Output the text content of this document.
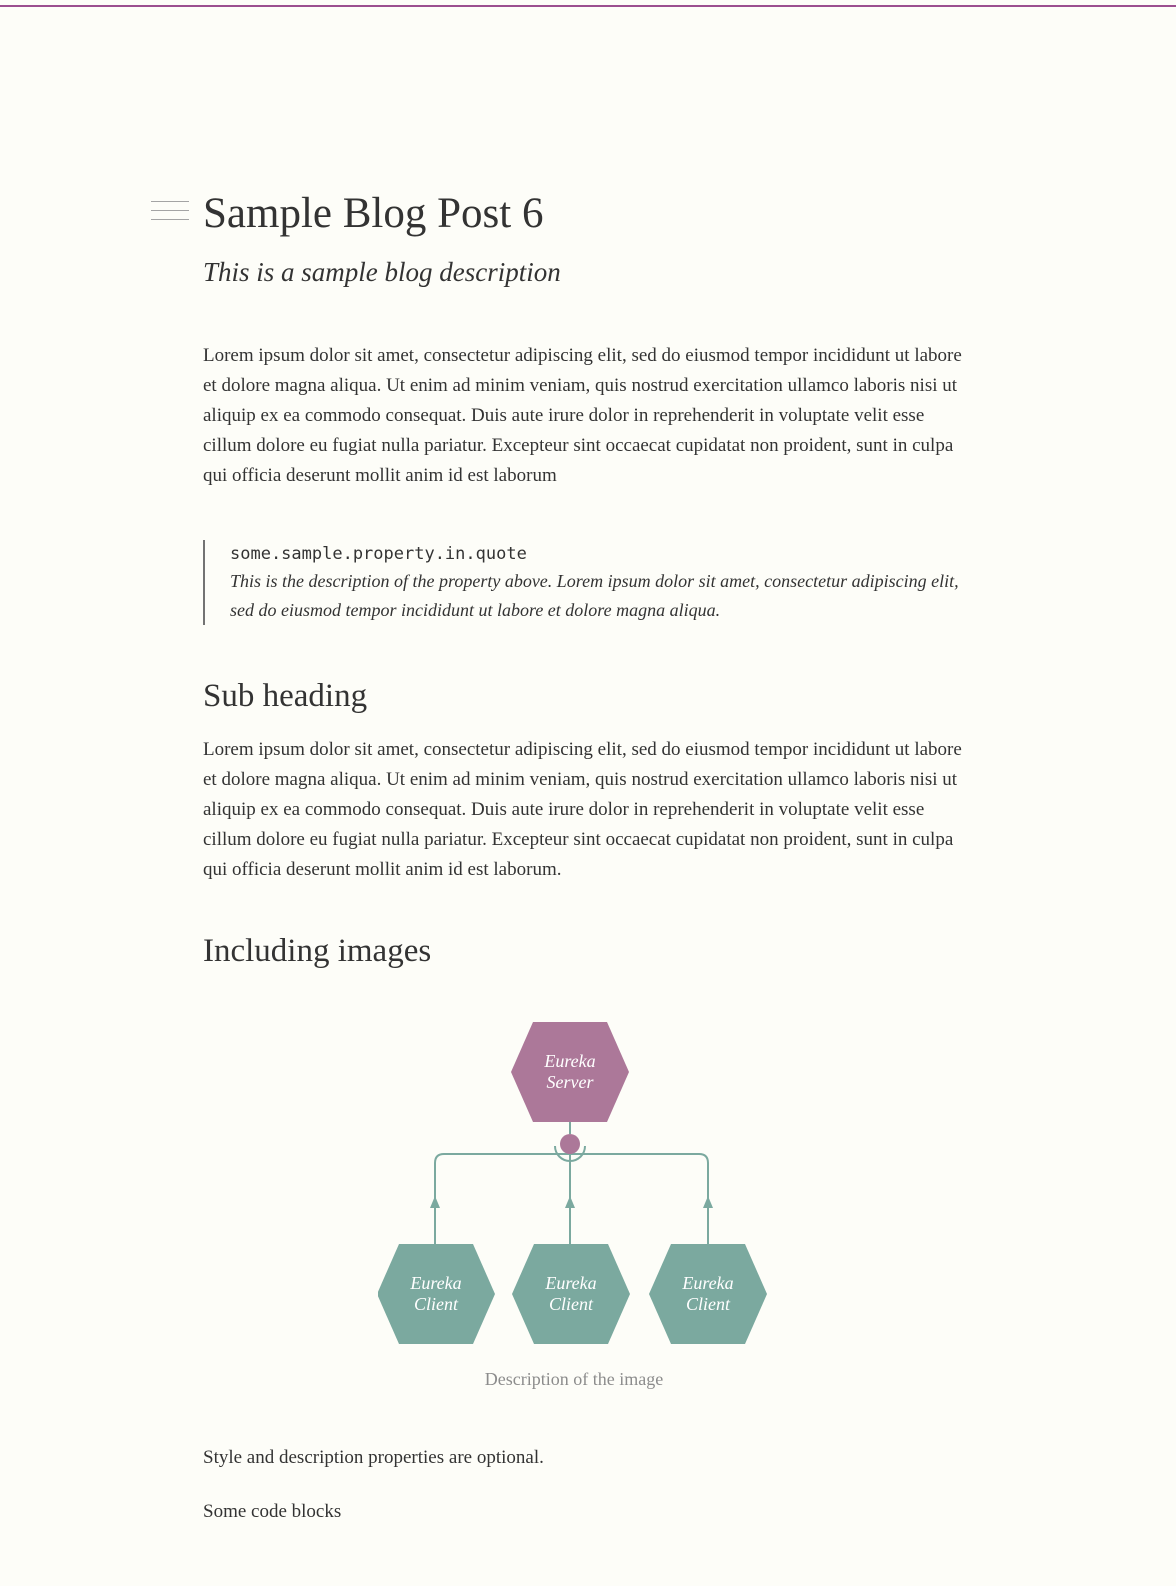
Sample Blog Post 6

This is a sample blog description

Lorem ipsum dolor sit amet, consectetur adipiscing elit, sed do eiusmod tempor incididunt ut labore et dolore magna aliqua. Ut enim ad minim veniam, quis nostrud exercitation ullamco laboris nisi ut aliquip ex ea commodo consequat. Duis aute irure dolor in reprehenderit in voluptate velit esse cillum dolore eu fugiat nulla pariatur. Excepteur sint occaecat cupidatat non proident, sunt in culpa qui officia deserunt mollit anim id est laborum

some.sample.property.in.quote
This is the description of the property above. Lorem ipsum dolor sit amet, consectetur adipiscing elit, sed do eiusmod tempor incididunt ut labore et dolore magna aliqua.
Sub heading

Lorem ipsum dolor sit amet, consectetur adipiscing elit, sed do eiusmod tempor incididunt ut labore et dolore magna aliqua. Ut enim ad minim veniam, quis nostrud exercitation ullamco laboris nisi ut aliquip ex ea commodo consequat. Duis aute irure dolor in reprehenderit in voluptate velit esse cillum dolore eu fugiat nulla pariatur. Excepteur sint occaecat cupidatat non proident, sunt in culpa qui officia deserunt mollit anim id est laborum.

Including images

Style and description properties are optional.

Some code blocks

Eureka
Server
Eureka
Client
Eureka
Client
Eureka
Client

Description of the image
